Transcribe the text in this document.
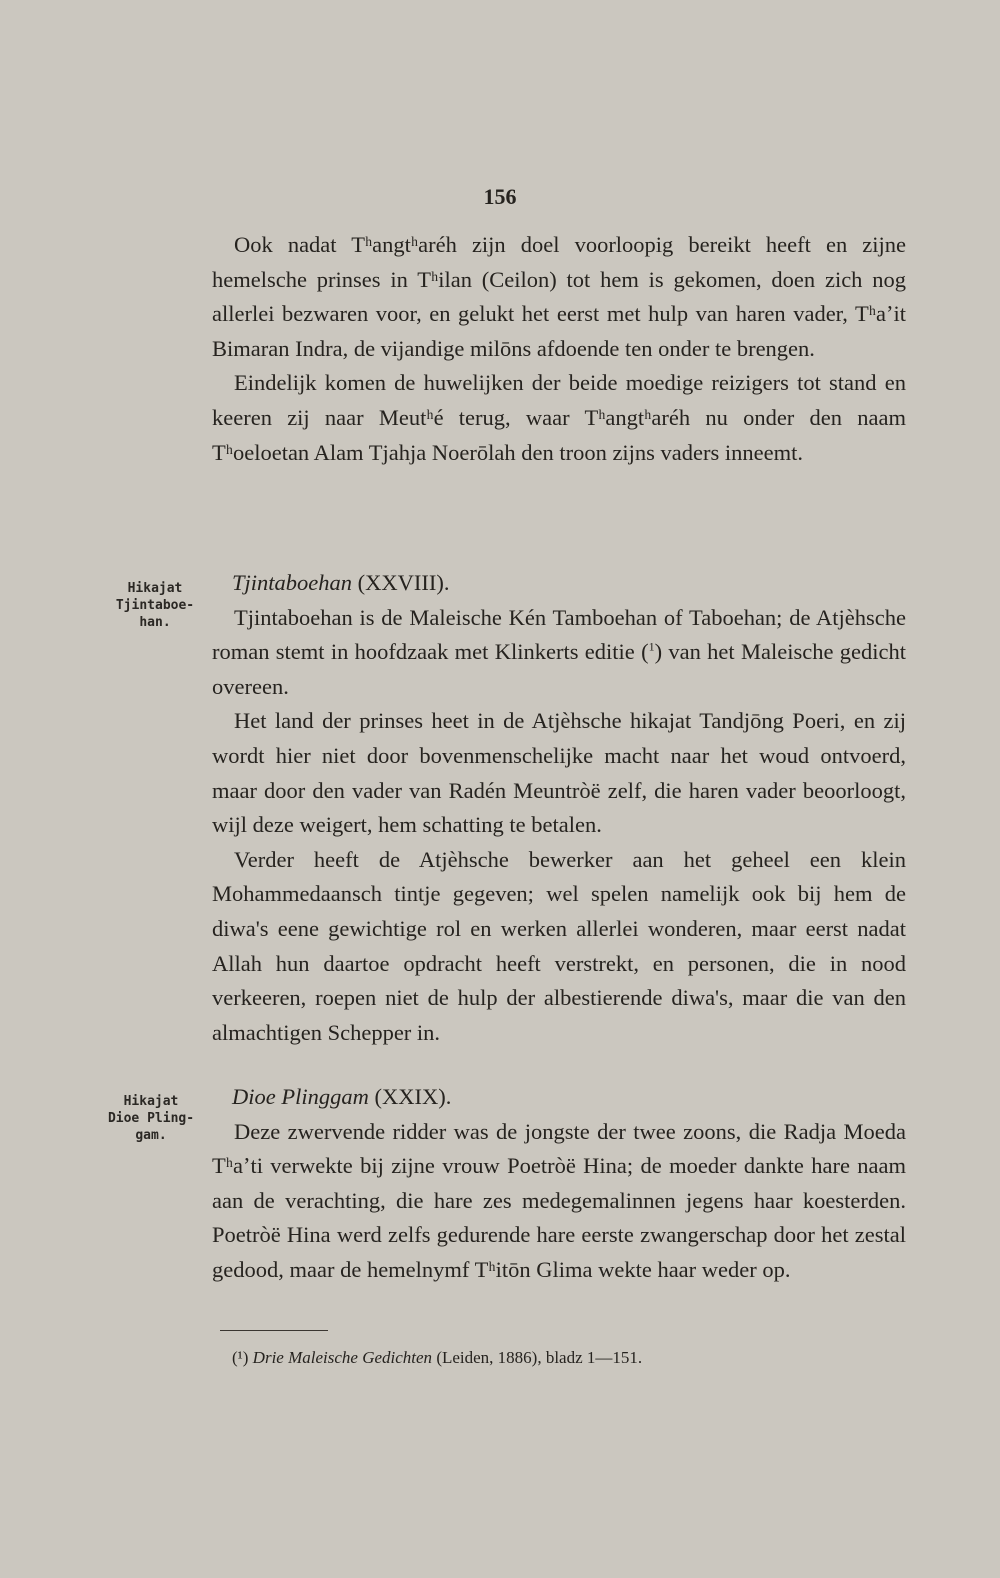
156

Ook nadat Tʰangtʰaréh zijn doel voorloopig bereikt heeft en zijne hemelsche prinses in Tʰilan (Ceilon) tot hem is gekomen, doen zich nog allerlei bezwaren voor, en gelukt het eerst met hulp van haren vader, Tʰaʼit Bimaran Indra, de vijandige milōns afdoende ten onder te brengen.

Eindelijk komen de huwelijken der beide moedige reizigers tot stand en keeren zij naar Meutʰé terug, waar Tʰangtʰaréh nu onder den naam Tʰoeloetan Alam Tjahja Noerōlah den troon zijns vaders inneemt.

Hikajat
Tjintaboe-
han.

Tjintaboehan (XXVIII).

Tjintaboehan is de Maleische Kén Tamboehan of Taboehan; de Atjèhsche roman stemt in hoofdzaak met Klinkerts editie ($^1$) van het Maleische gedicht overeen.

Het land der prinses heet in de Atjèhsche hikajat Tandjōng Poeri, en zij wordt hier niet door bovenmenschelijke macht naar het woud ontvoerd, maar door den vader van Radén Meuntròë zelf, die haren vader beoorloogt, wijl deze weigert, hem schatting te betalen.

Verder heeft de Atjèhsche bewerker aan het geheel een klein Mohammedaansch tintje gegeven; wel spelen namelijk ook bij hem de diwa's eene gewichtige rol en werken allerlei wonderen, maar eerst nadat Allah hun daartoe opdracht heeft verstrekt, en personen, die in nood verkeeren, roepen niet de hulp der albestierende diwa's, maar die van den almachtigen Schepper in.

Hikajat
Dioe Pling-
gam.

Dioe Plinggam (XXIX).

Deze zwervende ridder was de jongste der twee zoons, die Radja Moeda Tʰaʼti verwekte bij zijne vrouw Poetròë Hina; de moeder dankte hare naam aan de verachting, die hare zes medegemalinnen jegens haar koesterden. Poetròë Hina werd zelfs gedurende hare eerste zwangerschap door het zestal gedood, maar de hemelnymf Tʰitōn Glima wekte haar weder op.

(¹) Drie Maleische Gedichten (Leiden, 1886), bladz 1—151.
